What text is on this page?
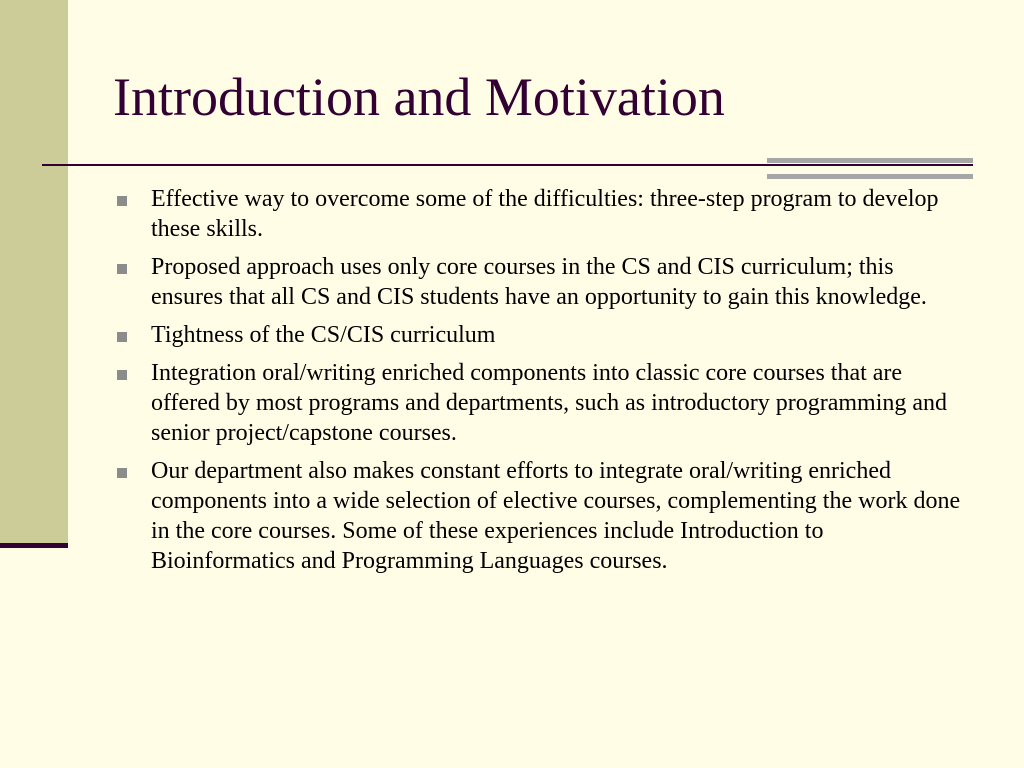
Introduction and Motivation
Effective way to overcome some of the difficulties: three-step program to develop these skills.
Proposed approach uses only core courses in the CS and CIS curriculum; this ensures that all CS and CIS students have an opportunity to gain this knowledge.
Tightness of the CS/CIS curriculum
Integration oral/writing enriched components into classic core courses that are offered by most programs and departments, such as introductory programming and senior project/capstone courses.
Our department also makes constant efforts to integrate oral/writing enriched components into a wide selection of elective courses, complementing the work done in the core courses. Some of these experiences include Introduction to Bioinformatics and Programming Languages courses.
